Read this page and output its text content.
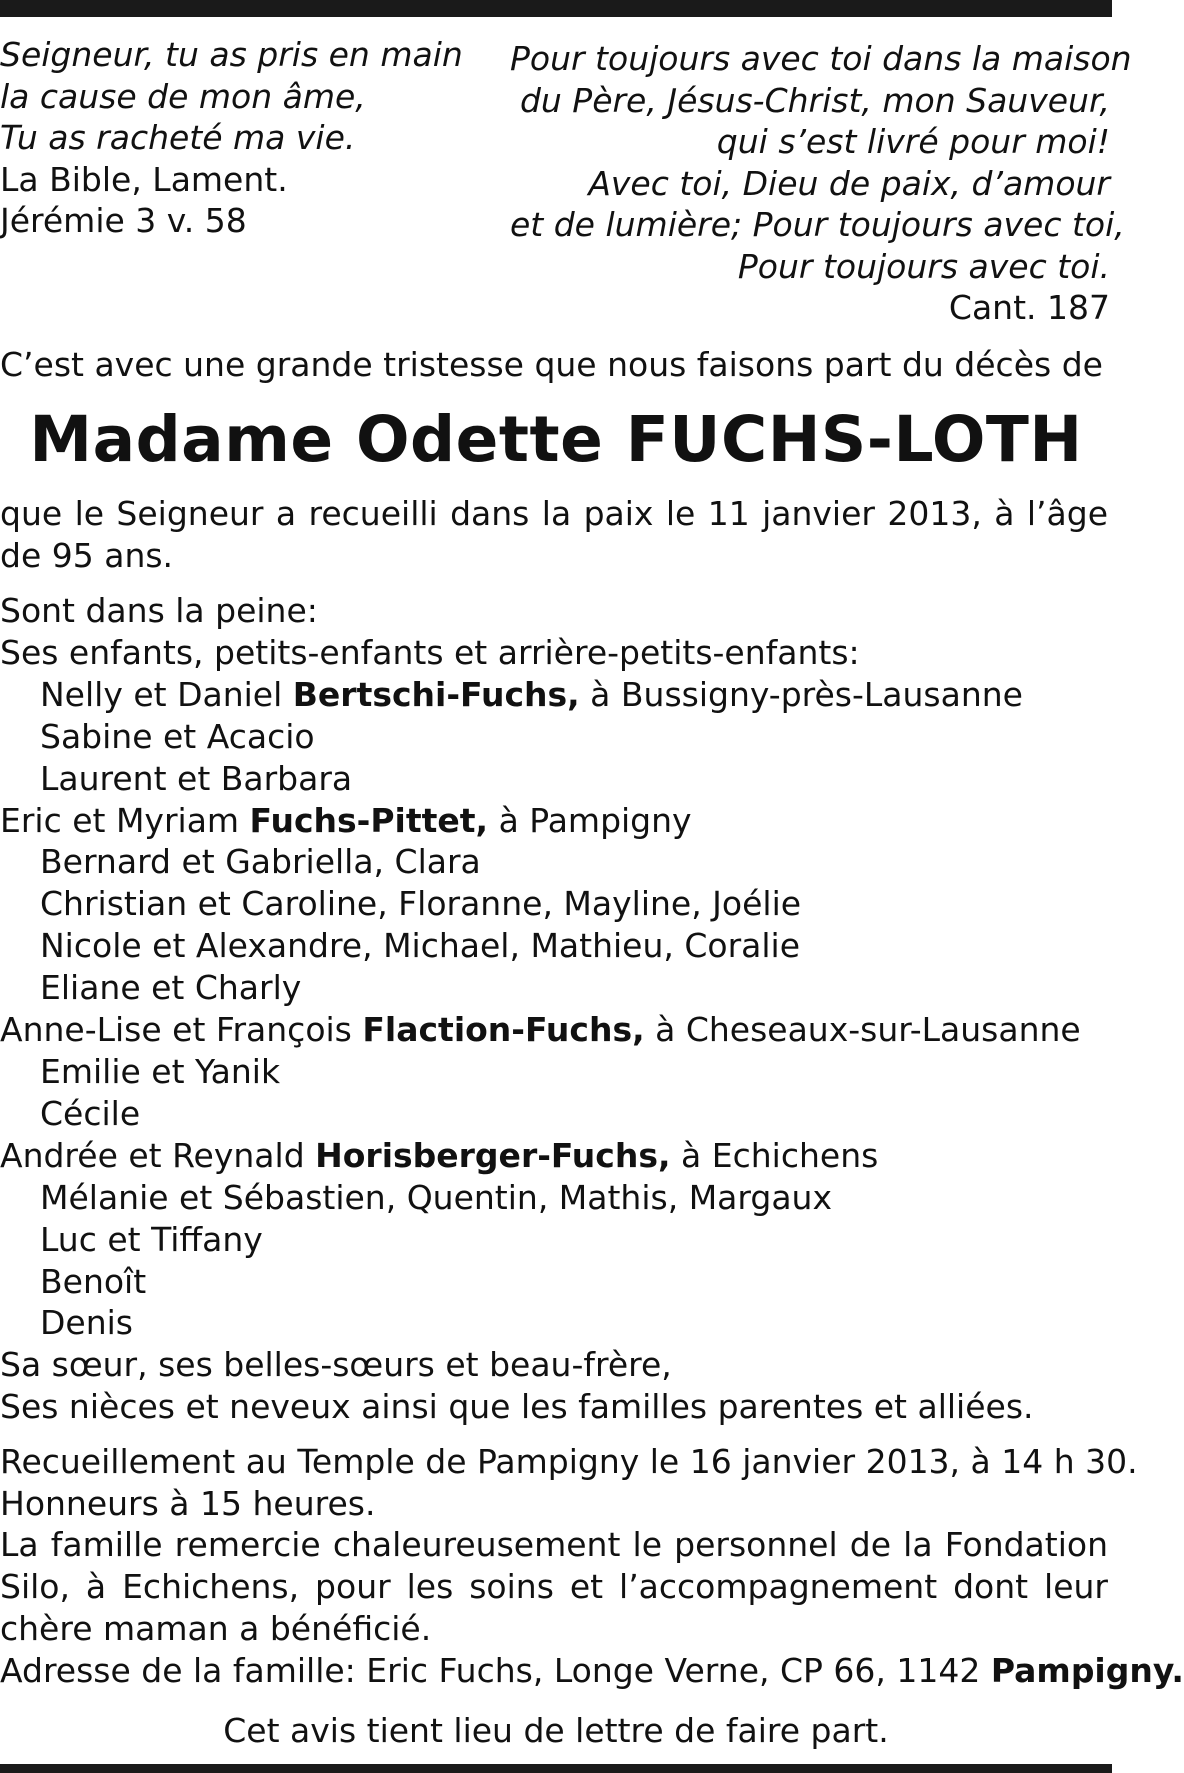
Seigneur, tu as pris en main
la cause de mon âme,
Tu as racheté ma vie.
La Bible, Lament.
Jérémie 3 v. 58
Pour toujours avec toi dans la maison
du Père, Jésus-Christ, mon Sauveur,
qui s’est livré pour moi!
Avec toi, Dieu de paix, d’amour
et de lumière; Pour toujours avec toi,
Pour toujours avec toi.
Cant. 187
C’est avec une grande tristesse que nous faisons part du décès de
Madame Odette FUCHS-LOTH
que le Seigneur a recueilli dans la paix le 11 janvier 2013, à l’âge de 95 ans.
Sont dans la peine:
Ses enfants, petits-enfants et arrière-petits-enfants:
Nelly et Daniel Bertschi-Fuchs, à Bussigny-près-Lausanne
Sabine et Acacio
Laurent et Barbara
Eric et Myriam Fuchs-Pittet, à Pampigny
Bernard et Gabriella, Clara
Christian et Caroline, Floranne, Mayline, Joélie
Nicole et Alexandre, Michael, Mathieu, Coralie
Eliane et Charly
Anne-Lise et François Flaction-Fuchs, à Cheseaux-sur-Lausanne
Emilie et Yanik
Cécile
Andrée et Reynald Horisberger-Fuchs, à Echichens
Mélanie et Sébastien, Quentin, Mathis, Margaux
Luc et Tiffany
Benoît
Denis
Sa sœur, ses belles-sœurs et beau-frère,
Ses nièces et neveux ainsi que les familles parentes et alliées.
Recueillement au Temple de Pampigny le 16 janvier 2013, à 14 h 30.
Honneurs à 15 heures.
La famille remercie chaleureusement le personnel de la Fondation Silo, à Echichens, pour les soins et l’accompagnement dont leur chère maman a bénéficié.
Adresse de la famille: Eric Fuchs, Longe Verne, CP 66, 1142 Pampigny.
Cet avis tient lieu de lettre de faire part.
